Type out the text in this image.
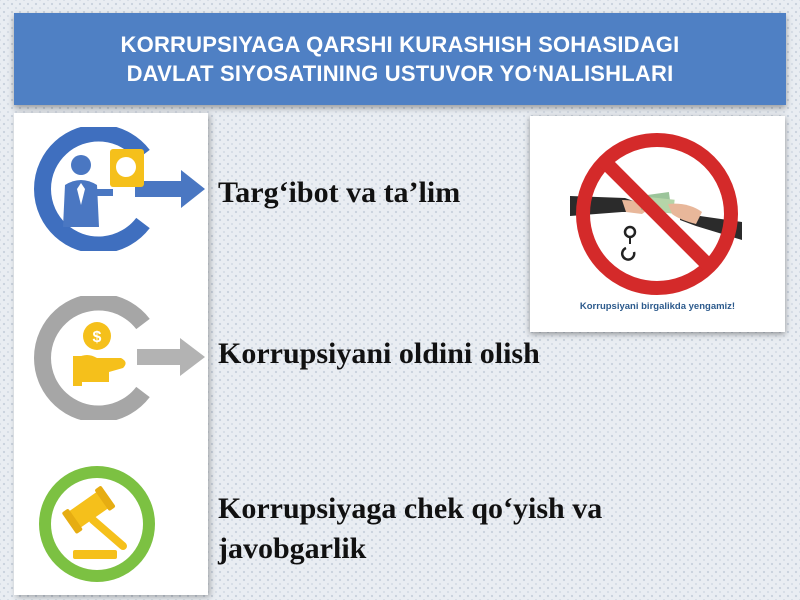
KORRUPSIYAGA QARSHI KURASHISH SOHASIDAGI
DAVLAT SIYOSATINING USTUVOR YO‘NALISHLARI
Targ‘ibot va ta’lim
$	Korrupsiyani oldini olish
Korrupsiyaga chek qo‘yish va
javobgarlik
Korrupsiyani birgalikda yengamiz!
